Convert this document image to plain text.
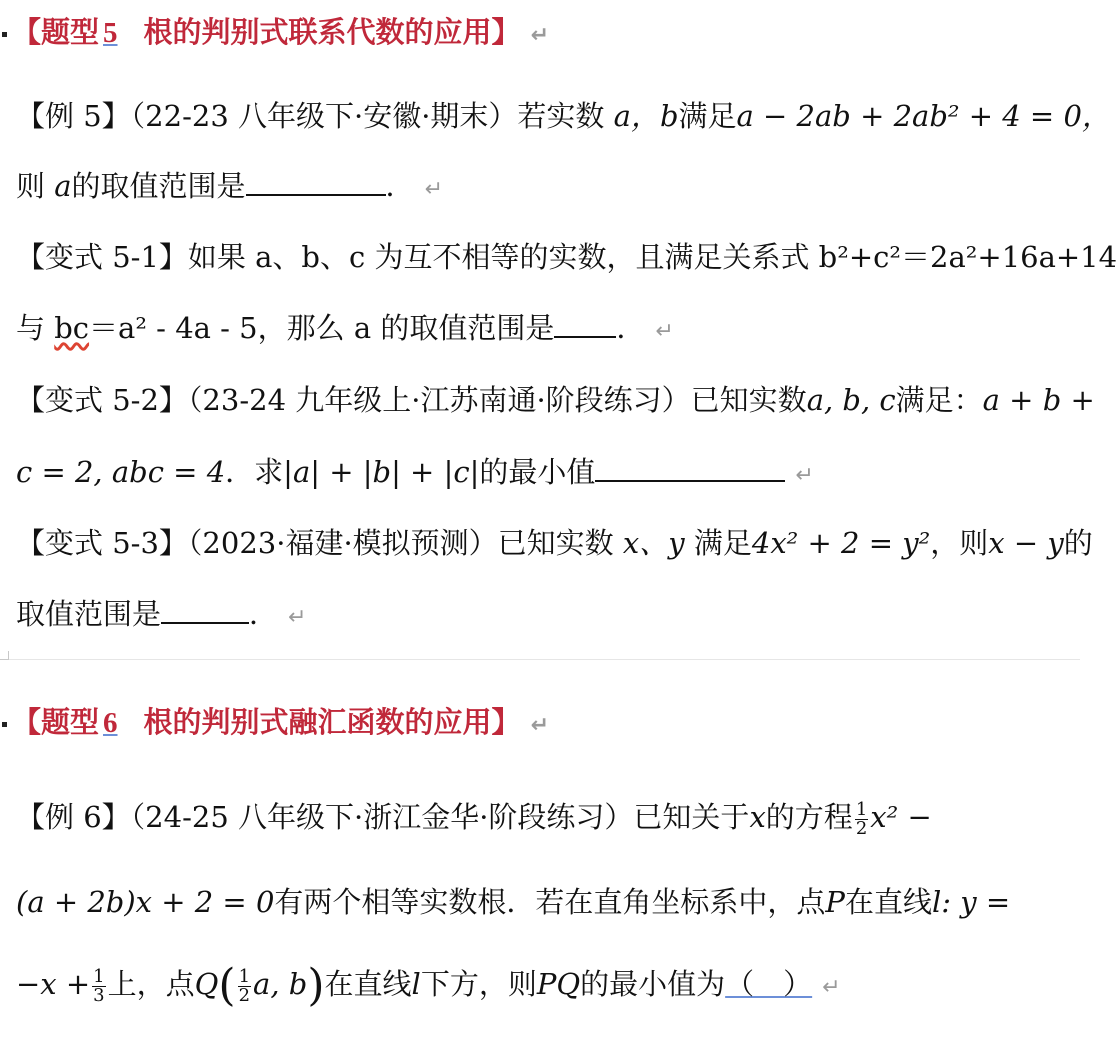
【题型 5 根的判别式联系代数的应用】 ↵
【例 5】（22-23 八年级下·安徽·期末）若实数 a，b满足a − 2ab + 2ab² + 4 = 0，
则 a的取值范围是	． ↵
【变式 5-1】如果 a、b、c 为互不相等的实数，且满足关系式 b²+c²＝2a²+16a+14
与 bc＝a² ‑ 4a ‑ 5，那么 a 的取值范围是 ． ↵
【变式 5-2】（23-24 九年级上·江苏南通·阶段练习）已知实数a, b, c满足：a + b +
c = 2, abc = 4．求|a| + |b| + |c|的最小值	↵
【变式 5-3】（2023·福建·模拟预测）已知实数 x、y 满足4x² + 2 = y²，则x − y的
取值范围是	． ↵
【题型 6 根的判别式融汇函数的应用】 ↵
【例 6】（24-25 八年级下·浙江金华·阶段练习）已知关于x的方程 $\frac{1}{2} x^2$ −
(a + 2b)x + 2 = 0有两个相等实数根．若在直角坐标系中，点P在直线l: y =
$-x + \frac{1}{3}$ 上，点$Q( \frac{1}{2} a$, b)在直线l下方，则PQ的最小值为（　） ↵
